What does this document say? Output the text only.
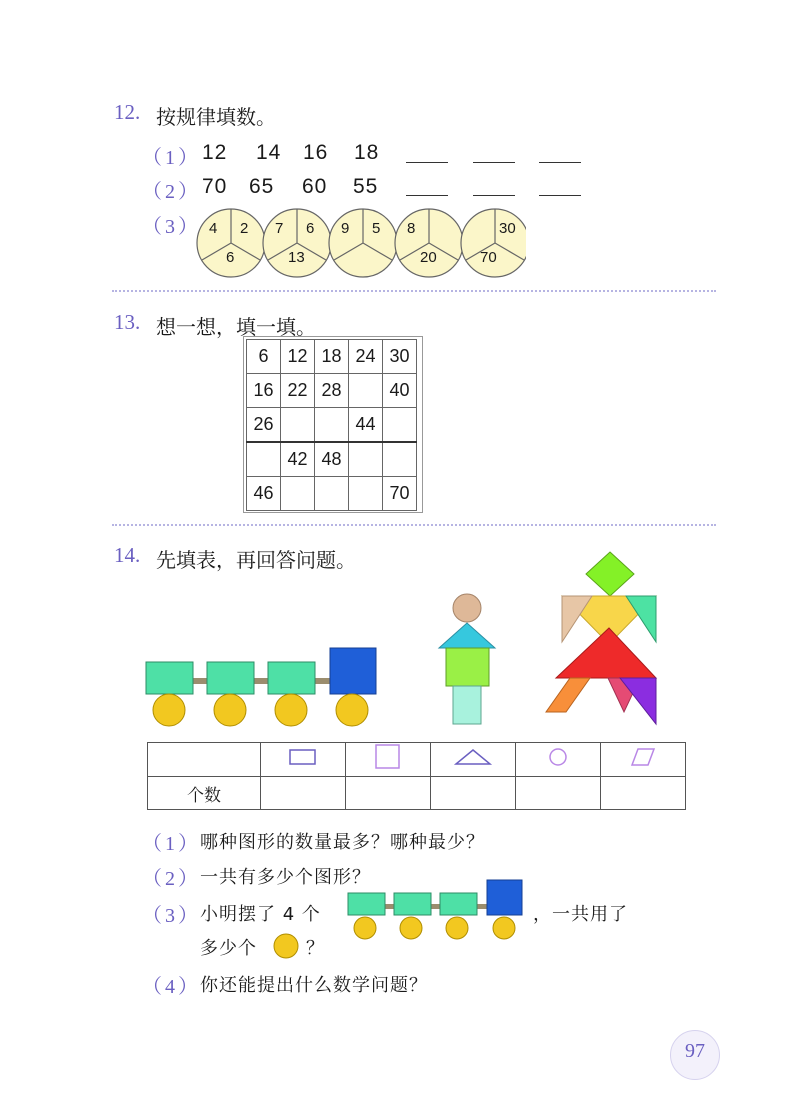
12. 按规律填数。
（1） 12 14 16 18
（2） 70 65 60 55
（3） 4 2
6
7 6
13
9 5 8
20
30
70
13. 想一想，填一填。
6	12	18	24	30
16	22	28		40
26			44	
	42	48		
46				70
14. 先填表，再回答问题。

个数					
（1） 哪种图形的数量最多？哪种最少？
（2） 一共有多少个图形？
（3） 小明摆了 4 个	，一共用了
多少个	？
（4） 你还能提出什么数学问题？
97
